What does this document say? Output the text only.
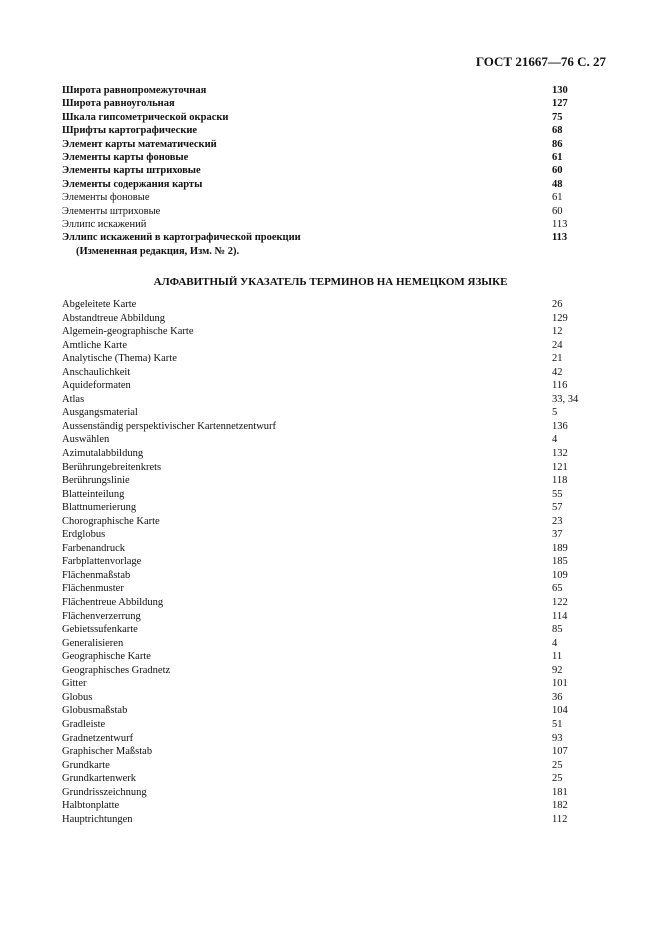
ГОСТ 21667—76 С. 27
Широта равнопромежуточная	130
Широта равноугольная	127
Шкала гипсометрической окраски	75
Шрифты картографические	68
Элемент карты математический	86
Элементы карты фоновые	61
Элементы карты штриховые	60
Элементы содержания карты	48
Элементы фоновые	61
Элементы штриховые	60
Эллипс искажений	113
Эллипс искажений в картографической проекции	113
(Измененная редакция, Изм. № 2).
АЛФАВИТНЫЙ УКАЗАТЕЛЬ ТЕРМИНОВ НА НЕМЕЦКОМ ЯЗЫКЕ
Abgeleitete Karte	26
Abstandtreue Abbildung	129
Algemein-geographische Karte	12
Amtliche Karte	24
Analytische (Thema) Karte	21
Anschaulichkeit	42
Aquideformaten	116
Atlas	33, 34
Ausgangsmaterial	5
Aussenständig perspektivischer Kartennetzentwurf	136
Auswählen	4
Azimutalabbildung	132
Berührungebreitenkrets	121
Berührungslinie	118
Blatteinteilung	55
Blattnumerierung	57
Chorographische Karte	23
Erdglobus	37
Farbenandruck	189
Farbplattenvorlage	185
Flächenmaßstab	109
Flächenmuster	65
Flächentreue Abbildung	122
Flächenverzerrung	114
Gebietssufenkarte	85
Generalisieren	4
Geographische Karte	11
Geographisches Gradnetz	92
Gitter	101
Globus	36
Globusmaßstab	104
Gradleiste	51
Gradnetzentwurf	93
Graphischer Maßstab	107
Grundkarte	25
Grundkartenwerk	25
Grundrisszeichnung	181
Halbtonplatte	182
Hauptrichtungen	112
